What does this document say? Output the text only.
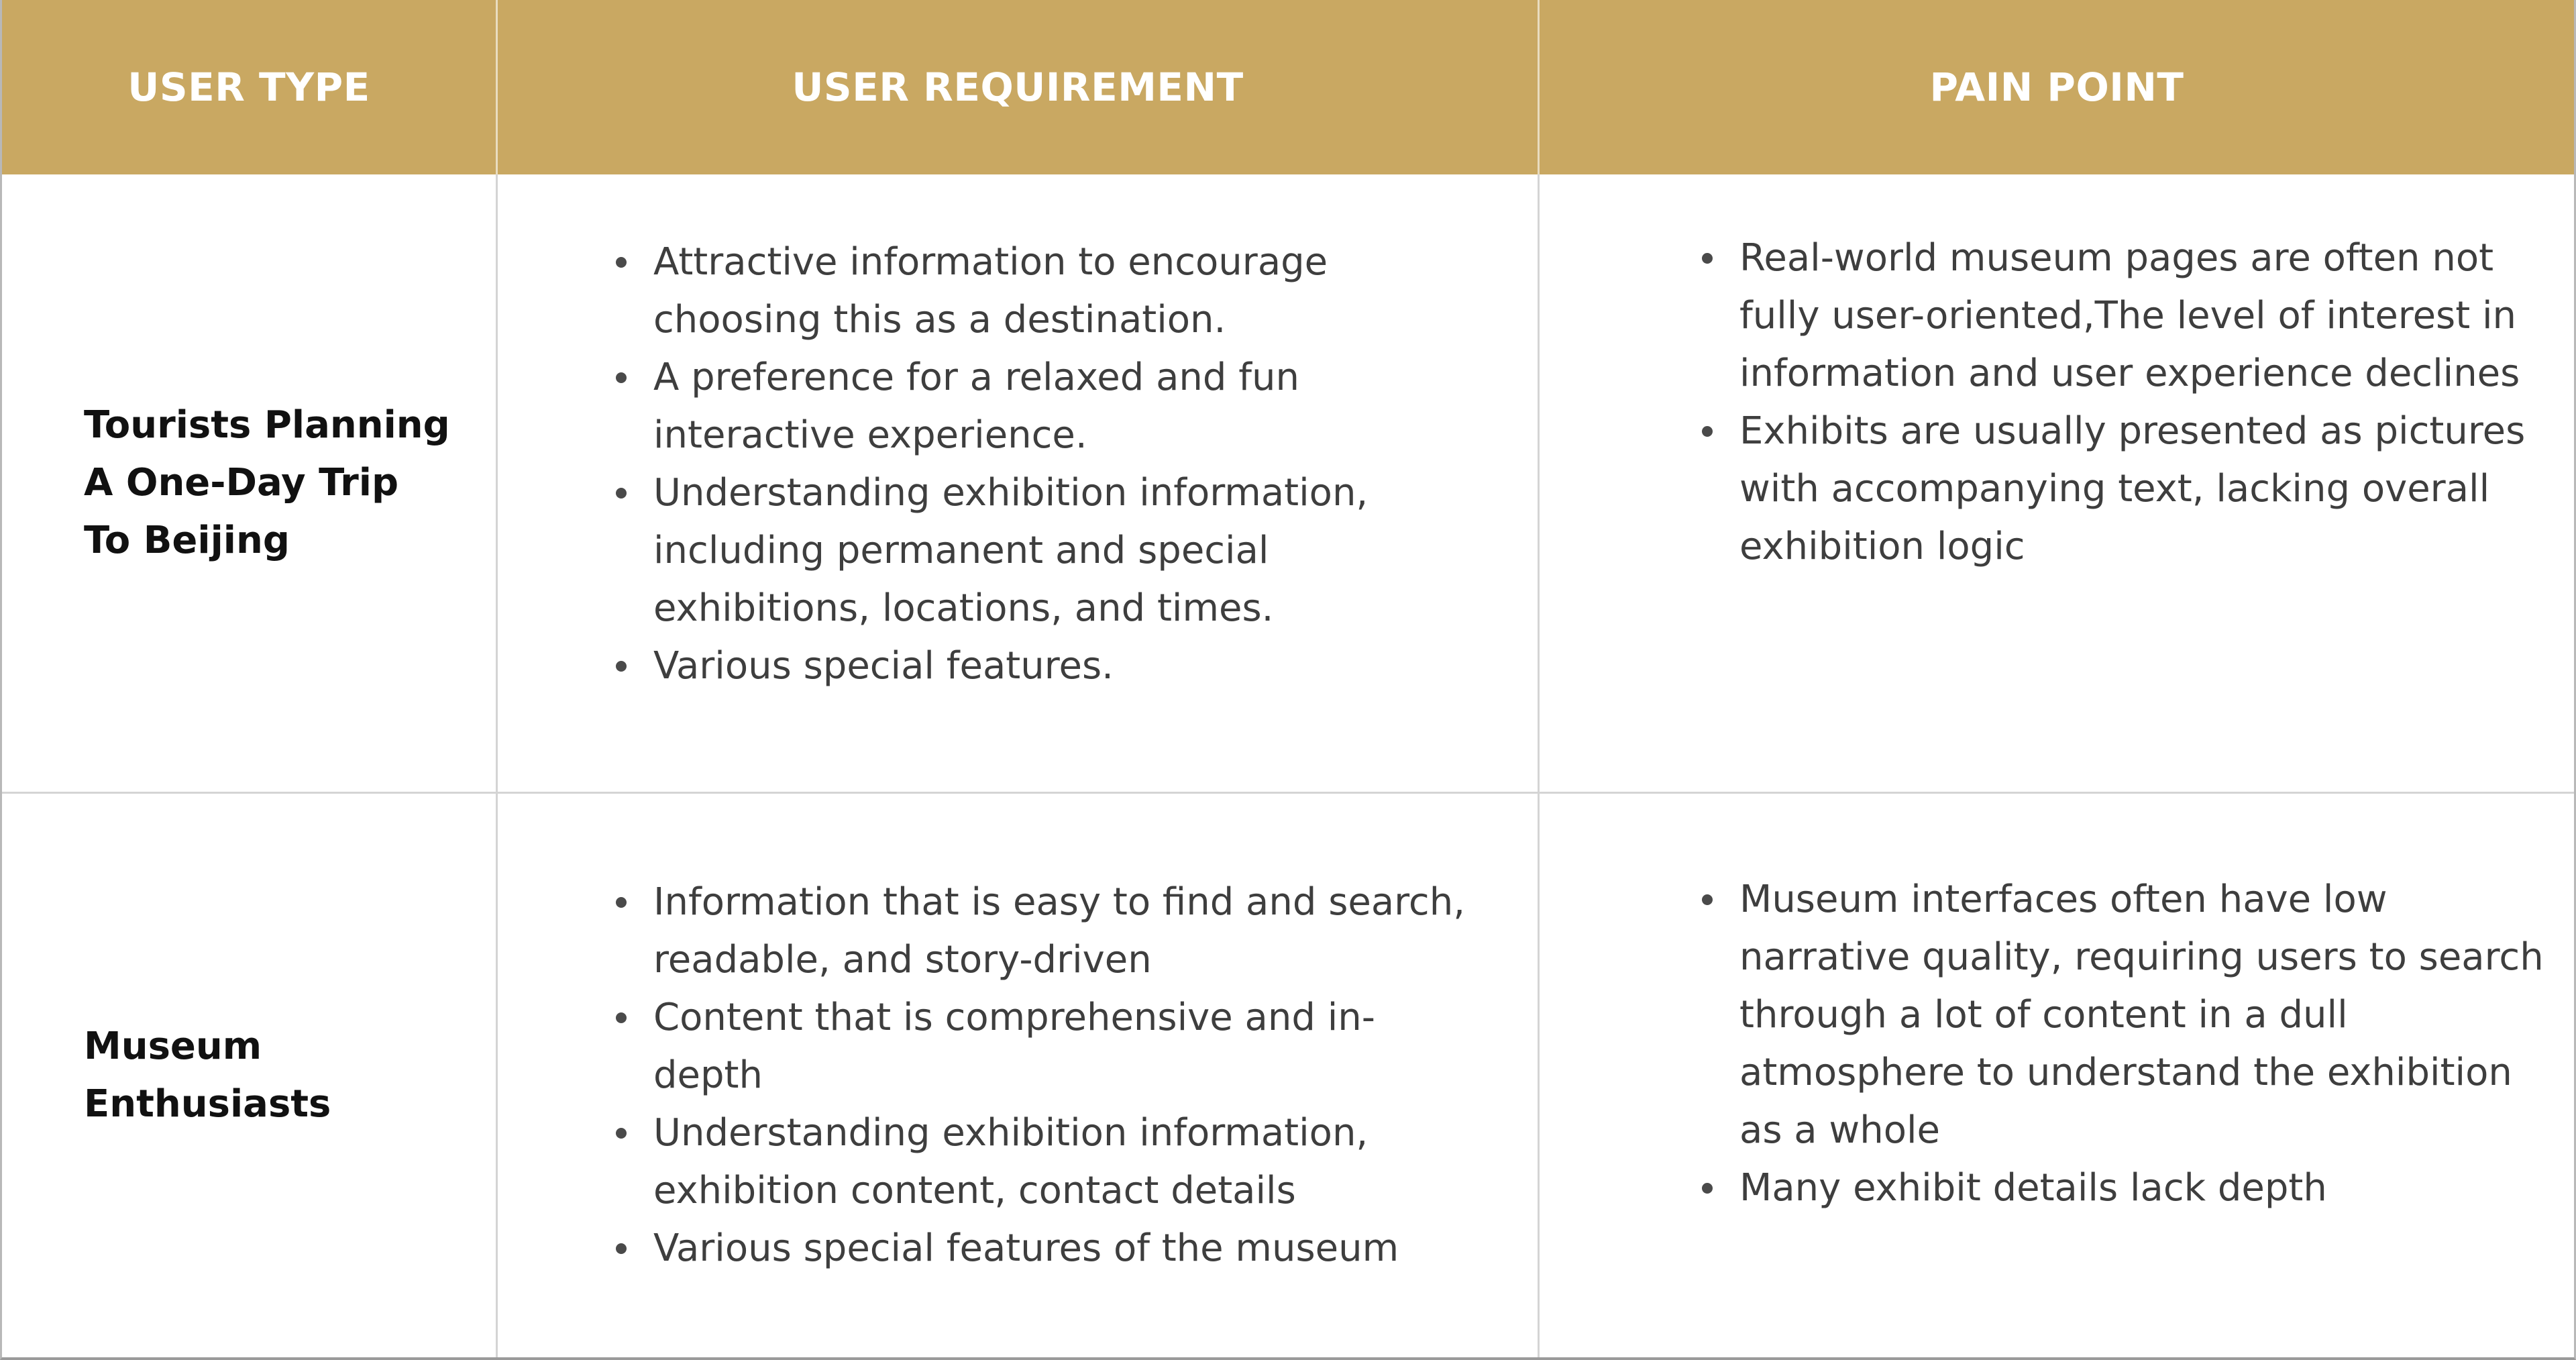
USER TYPE	USER REQUIREMENT	PAIN POINT
Tourists Planning
A One-Day Trip
To Beijing
Attractive information to encourage
choosing this as a destination.
A preference for a relaxed and fun
interactive experience.
Understanding exhibition information,
including permanent and special
exhibitions, locations, and times.
Various special features.
Real-world museum pages are often not
fully user-oriented,The level of interest in
information and user experience declines
Exhibits are usually presented as pictures
with accompanying text, lacking overall
exhibition logic
Museum
Enthusiasts
Information that is easy to find and search,
readable, and story-driven
Content that is comprehensive and in-
depth
Understanding exhibition information,
exhibition content, contact details
Various special features of the museum
Museum interfaces often have low
narrative quality, requiring users to search
through a lot of content in a dull
atmosphere to understand the exhibition
as a whole
Many exhibit details lack depth
